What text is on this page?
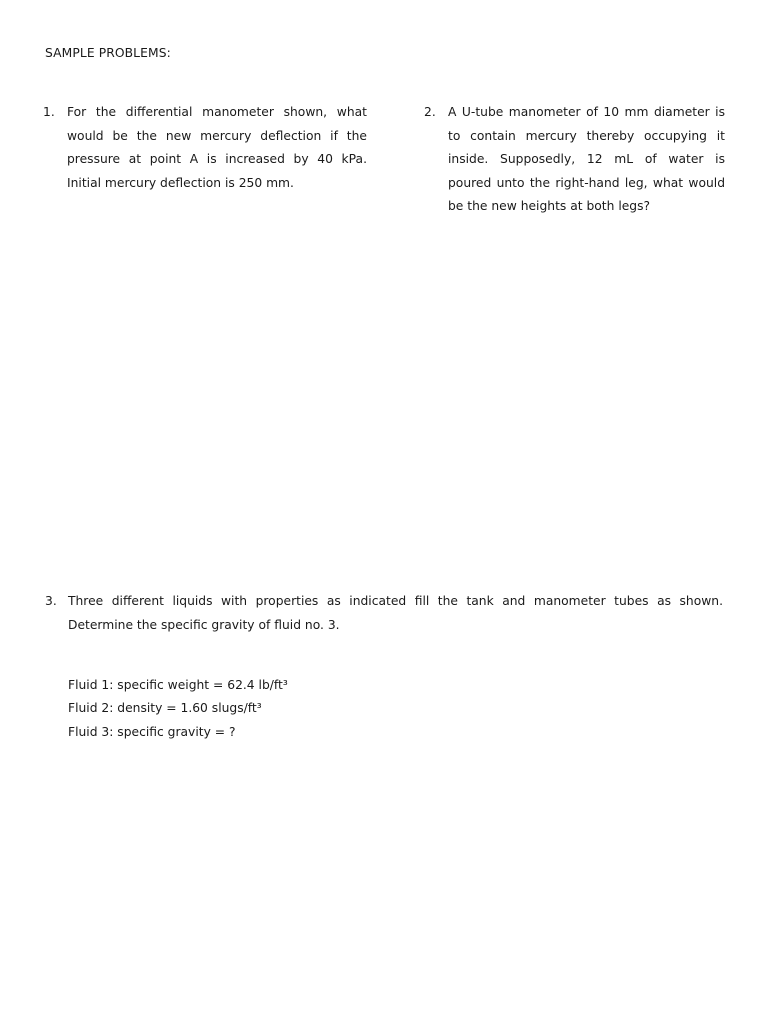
SAMPLE PROBLEMS:
1. For the differential manometer shown, what would be the new mercury deflection if the pressure at point A is increased by 40 kPa. Initial mercury deflection is 250 mm.
2. A U-tube manometer of 10 mm diameter is to contain mercury thereby occupying it inside. Supposedly, 12 mL of water is poured unto the right-hand leg, what would be the new heights at both legs?
3. Three different liquids with properties as indicated fill the tank and manometer tubes as shown. Determine the specific gravity of fluid no. 3.
Fluid 1: specific weight = 62.4 lb/ft³
Fluid 2: density = 1.60 slugs/ft³
Fluid 3: specific gravity = ?
